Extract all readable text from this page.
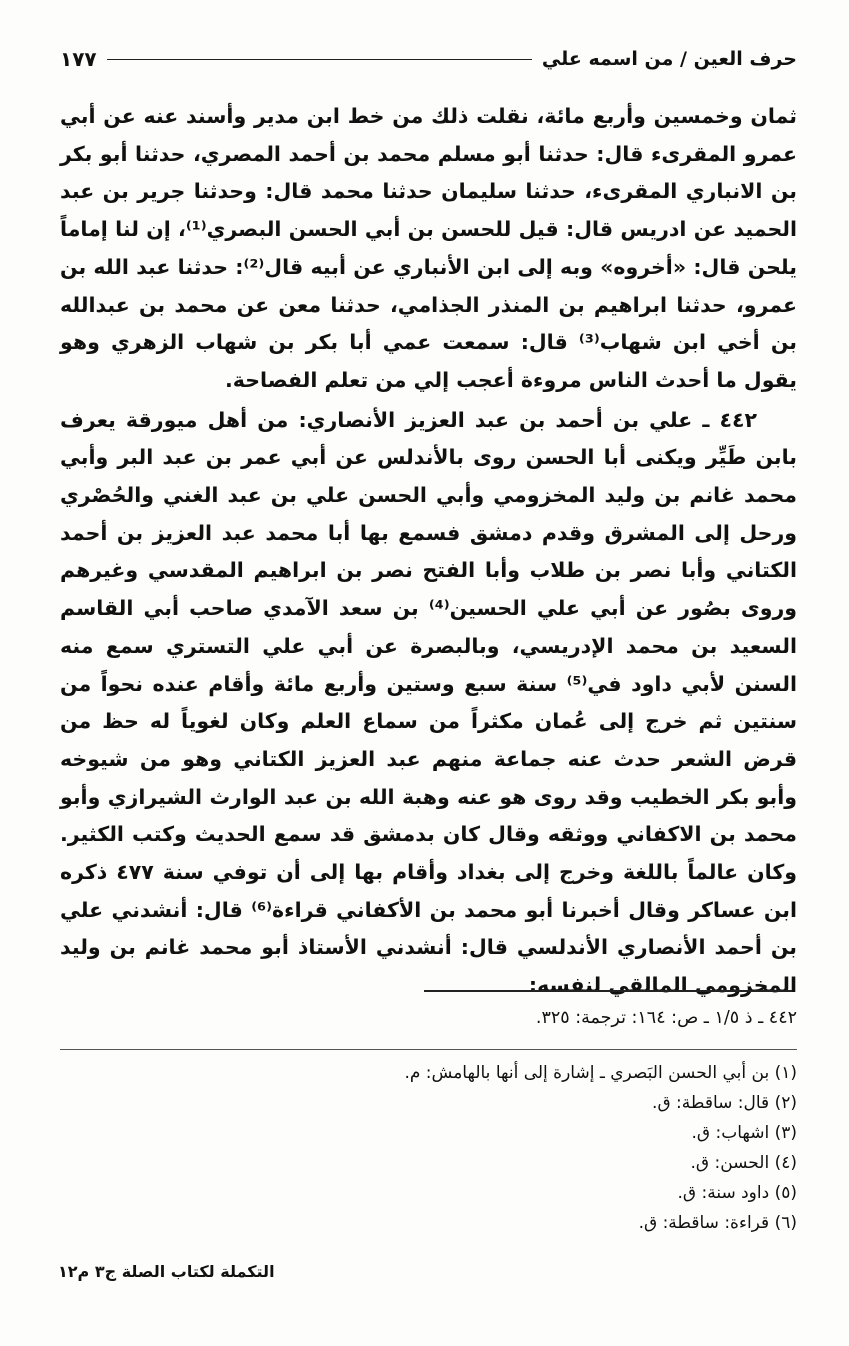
حرف العين / من اسمه علي
١٧٧

ثمان وخمسين وأربع مائة، نقلت ذلك من خط ابن مدير وأسند عنه عن أبي عمرو المقرىء قال: حدثنا أبو مسلم محمد بن أحمد المصري، حدثنا أبو بكر بن الانباري المقرىء، حدثنا سليمان حدثنا محمد قال: وحدثنا جرير بن عبد الحميد عن ادريس قال: قيل للحسن بن أبي الحسن البصري⁽¹⁾، إن لنا إماماً يلحن قال: «أخروه» وبه إلى ابن الأنباري عن أبيه قال⁽²⁾: حدثنا عبد الله بن عمرو، حدثنا ابراهيم بن المنذر الجذامي، حدثنا معن عن محمد بن عبدالله بن أخي ابن شهاب⁽³⁾ قال: سمعت عمي أبا بكر بن شهاب الزهري وهو يقول ما أحدث الناس مروءة أعجب إلي من تعلم الفصاحة.

٤٤٢ ـ علي بن أحمد بن عبد العزيز الأنصاري: من أهل ميورقة يعرف بابن طَيِّر ويكنى أبا الحسن روى بالأندلس عن أبي عمر بن عبد البر وأبي محمد غانم بن وليد المخزومي وأبي الحسن علي بن عبد الغني والحُصْري ورحل إلى المشرق وقدم دمشق فسمع بها أبا محمد عبد العزيز بن أحمد الكتاني وأبا نصر بن طلاب وأبا الفتح نصر بن ابراهيم المقدسي وغيرهم وروى بصُور عن أبي علي الحسين⁽⁴⁾ بن سعد الآمدي صاحب أبي القاسم السعيد بن محمد الإدريسي، وبالبصرة عن أبي علي التستري سمع منه السنن لأبي داود في⁽⁵⁾ سنة سبع وستين وأربع مائة وأقام عنده نحواً من سنتين ثم خرج إلى عُمان مكثراً من سماع العلم وكان لغوياً له حظ من قرض الشعر حدث عنه جماعة منهم عبد العزيز الكتاني وهو من شيوخه وأبو بكر الخطيب وقد روى هو عنه وهبة الله بن عبد الوارث الشيرازي وأبو محمد بن الاكفاني ووثقه وقال كان بدمشق قد سمع الحديث وكتب الكثير. وكان عالماً باللغة وخرج إلى بغداد وأقام بها إلى أن توفي سنة ٤٧٧ ذكره ابن عساكر وقال أخبرنا أبو محمد بن الأكفاني قراءة⁽⁶⁾ قال: أنشدني علي بن أحمد الأنصاري الأندلسي قال: أنشدني الأستاذ أبو محمد غانم بن وليد المخزومي المالقي لنفسه:

٤٤٢ ـ ذ ١/٥ ـ ص: ١٦٤: ترجمة: ٣٢٥.
(١) بن أبي الحسن البَصري ـ إشارة إلى أنها بالهامش: م.
(٢) قال: ساقطة: ق.
(٣) اشهاب: ق.
(٤) الحسن: ق.
(٥) داود سنة: ق.
(٦) قراءة: ساقطة: ق.
التكملة لكتاب الصلة ج٣ م١٢
